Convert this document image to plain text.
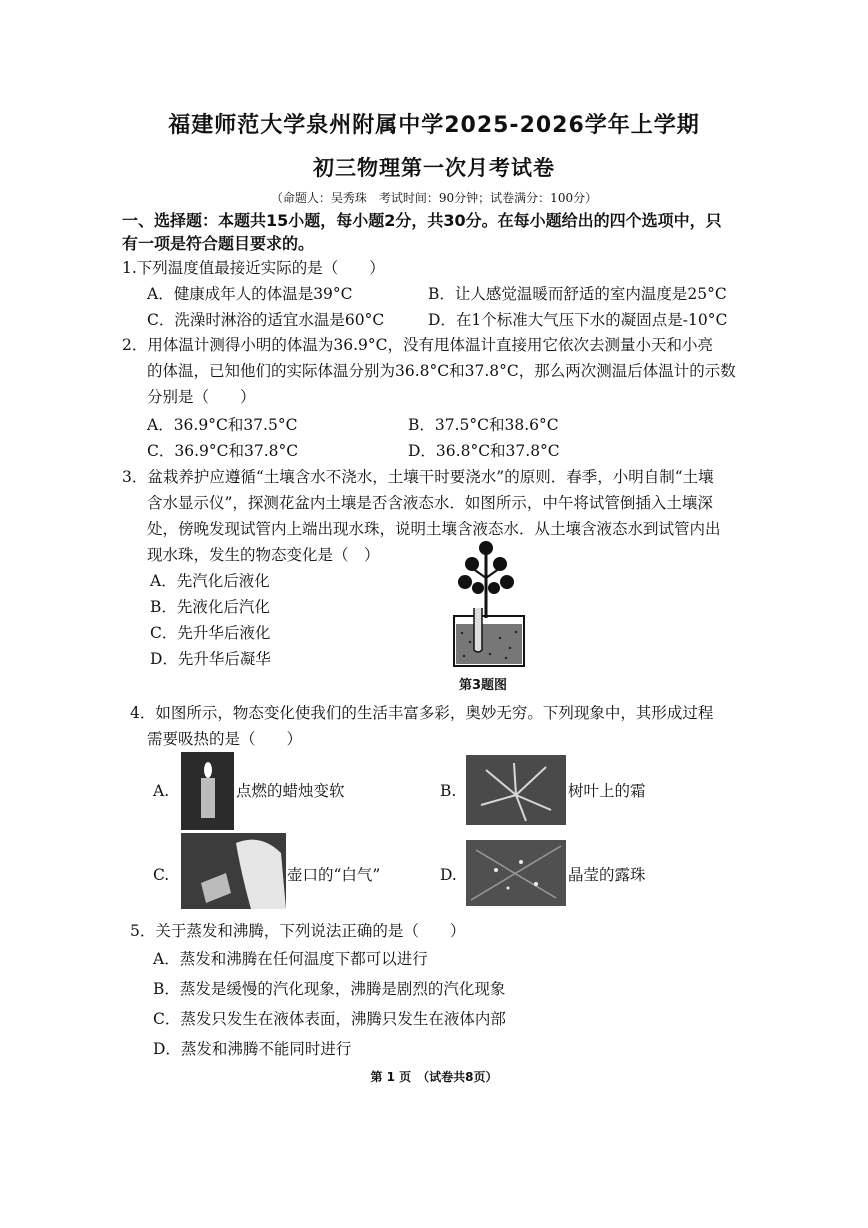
福建师范大学泉州附属中学2025-2026学年上学期
初三物理第一次月考试卷
（命题人：吴秀珠　考试时间：90分钟；试卷满分：100分）
一、选择题：本题共15小题，每小题2分，共30分。在每小题给出的四个选项中，只
有一项是符合题目要求的。
1.下列温度值最接近实际的是（　　）
A．健康成年人的体温是39°C	B．让人感觉温暖而舒适的室内温度是25°C
C．洗澡时淋浴的适宜水温是60°C	D．在1个标准大气压下水的凝固点是-10°C
2．用体温计测得小明的体温为36.9°C，没有甩体温计直接用它依次去测量小天和小亮
的体温，已知他们的实际体温分别为36.8°C和37.8°C，那么两次测温后体温计的示数
分别是（　　）
A．36.9°C和37.5°C	B．37.5°C和38.6°C
C．36.9°C和37.8°C	D．36.8°C和37.8°C
3．盆栽养护应遵循“土壤含水不浇水，土壤干时要浇水”的原则．春季，小明自制“土壤
含水显示仪”，探测花盆内土壤是否含液态水．如图所示，中午将试管倒插入土壤深
处，傍晚发现试管内上端出现水珠，说明土壤含液态水．从土壤含液态水到试管内出
现水珠，发生的物态变化是（　）
A．先汽化后液化
B．先液化后汽化
C．先升华后液化
D．先升华后凝华
第3题图
4．如图所示，物态变化使我们的生活丰富多彩，奥妙无穷。下列现象中，其形成过程
需要吸热的是（　　）
A.	点燃的蜡烛变软	B.	树叶上的霜
C.	壶口的“白气”	D.	晶莹的露珠
5．关于蒸发和沸腾，下列说法正确的是（　　）
A．蒸发和沸腾在任何温度下都可以进行
B．蒸发是缓慢的汽化现象，沸腾是剧烈的汽化现象
C．蒸发只发生在液体表面，沸腾只发生在液体内部
D．蒸发和沸腾不能同时进行
第 1 页　（试卷共8页）
